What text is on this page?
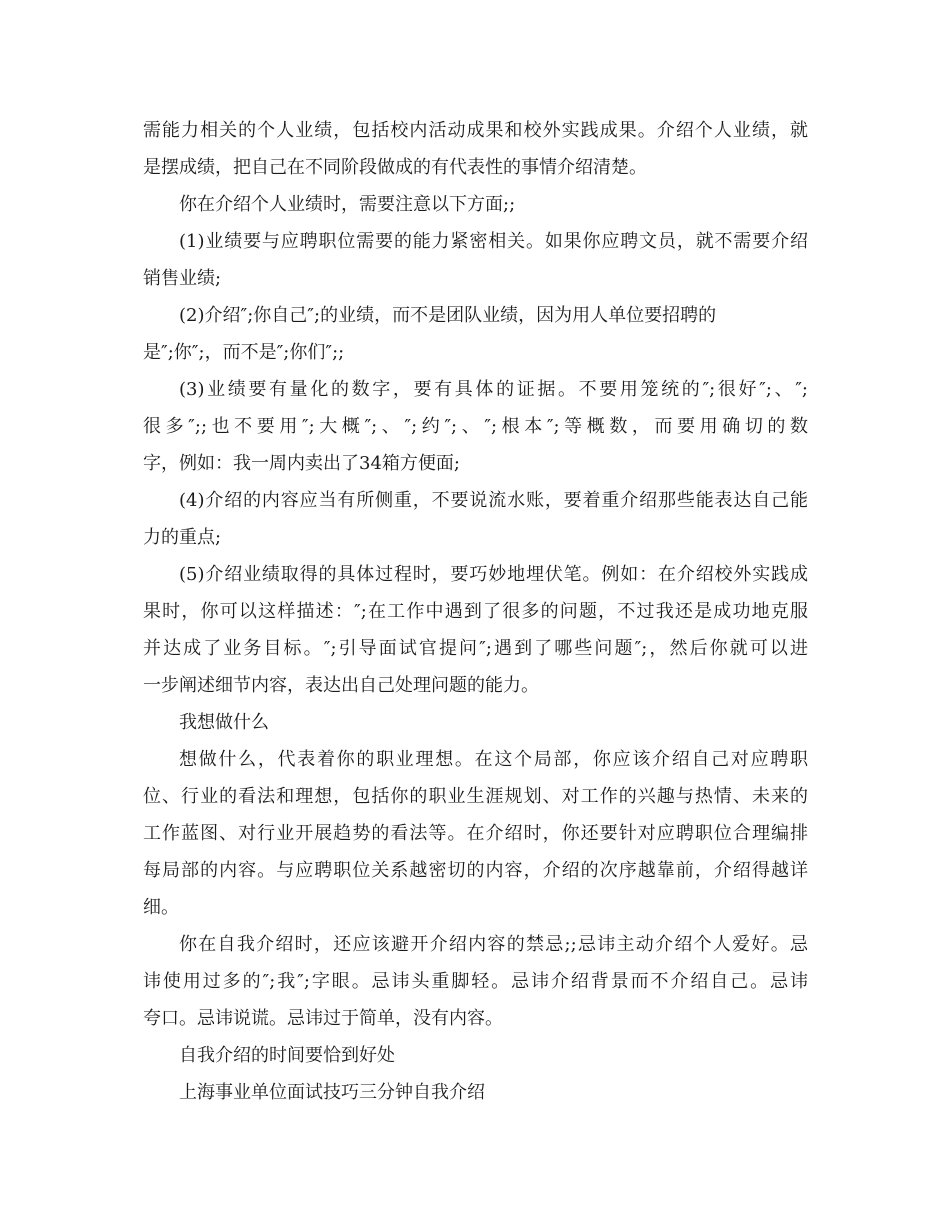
需能力相关的个人业绩，包括校内活动成果和校外实践成果。介绍个人业绩，就
是摆成绩，把自己在不同阶段做成的有代表性的事情介绍清楚。
你在介绍个人业绩时，需要注意以下方面;;
(1)业绩要与应聘职位需要的能力紧密相关。如果你应聘文员，就不需要介绍
销售业绩;
(2)介绍″;你自己″;的业绩，而不是团队业绩，因为用人单位要招聘的
是″;你″;，而不是″;你们″;;
(3)业绩要有量化的数字，要有具体的证据。不要用笼统的″;很好″;、″;
很多″;;也不要用″;大概″;、″;约″;、″;根本″;等概数，而要用确切的数
字，例如：我一周内卖出了34箱方便面;
(4)介绍的内容应当有所侧重，不要说流水账，要着重介绍那些能表达自己能
力的重点;
(5)介绍业绩取得的具体过程时，要巧妙地埋伏笔。例如：在介绍校外实践成
果时，你可以这样描述：″;在工作中遇到了很多的问题，不过我还是成功地克服
并达成了业务目标。″;引导面试官提问″;遇到了哪些问题″;，然后你就可以进
一步阐述细节内容，表达出自己处理问题的能力。
我想做什么
想做什么，代表着你的职业理想。在这个局部，你应该介绍自己对应聘职
位、行业的看法和理想，包括你的职业生涯规划、对工作的兴趣与热情、未来的
工作蓝图、对行业开展趋势的看法等。在介绍时，你还要针对应聘职位合理编排
每局部的内容。与应聘职位关系越密切的内容，介绍的次序越靠前，介绍得越详
细。
你在自我介绍时，还应该避开介绍内容的禁忌;;忌讳主动介绍个人爱好。忌
讳使用过多的″;我″;字眼。忌讳头重脚轻。忌讳介绍背景而不介绍自己。忌讳
夸口。忌讳说谎。忌讳过于简单，没有内容。
自我介绍的时间要恰到好处
上海事业单位面试技巧三分钟自我介绍
